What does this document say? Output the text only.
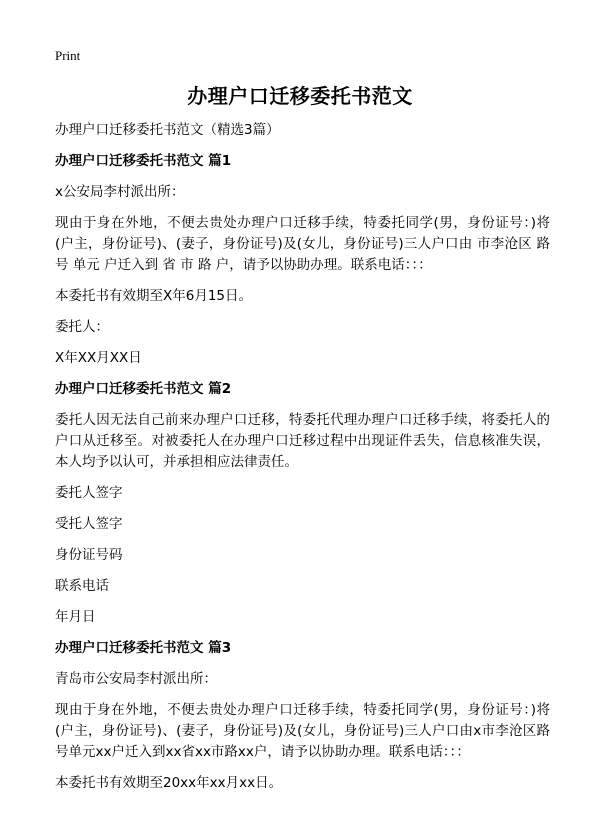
Print
办理户口迁移委托书范文

办理户口迁移委托书范文（精选3篇）

办理户口迁移委托书范文 篇1

x公安局李村派出所：

现由于身在外地，不便去贵处办理户口迁移手续，特委托同学(男，身份证号：)将(户主，身份证号)、(妻子，身份证号)及(女儿，身份证号)三人户口由 市李沧区 路 号 单元 户迁入到 省 市 路 户，请予以协助办理。联系电话：：：

本委托书有效期至X年6月15日。

委托人：

X年XX月XX日

办理户口迁移委托书范文 篇2

委托人因无法自己前来办理户口迁移，特委托代理办理户口迁移手续，将委托人的户口从迁移至。对被委托人在办理户口迁移过程中出现证件丢失，信息核准失误，本人均予以认可，并承担相应法律责任。

委托人签字

受托人签字

身份证号码

联系电话

年月日

办理户口迁移委托书范文 篇3

青岛市公安局李村派出所：

现由于身在外地，不便去贵处办理户口迁移手续，特委托同学(男，身份证号：)将(户主，身份证号)、(妻子，身份证号)及(女儿，身份证号)三人户口由x市李沧区路号单元xx户迁入到xx省xx市路xx户，请予以协助办理。联系电话：：：

本委托书有效期至20xx年xx月xx日。
